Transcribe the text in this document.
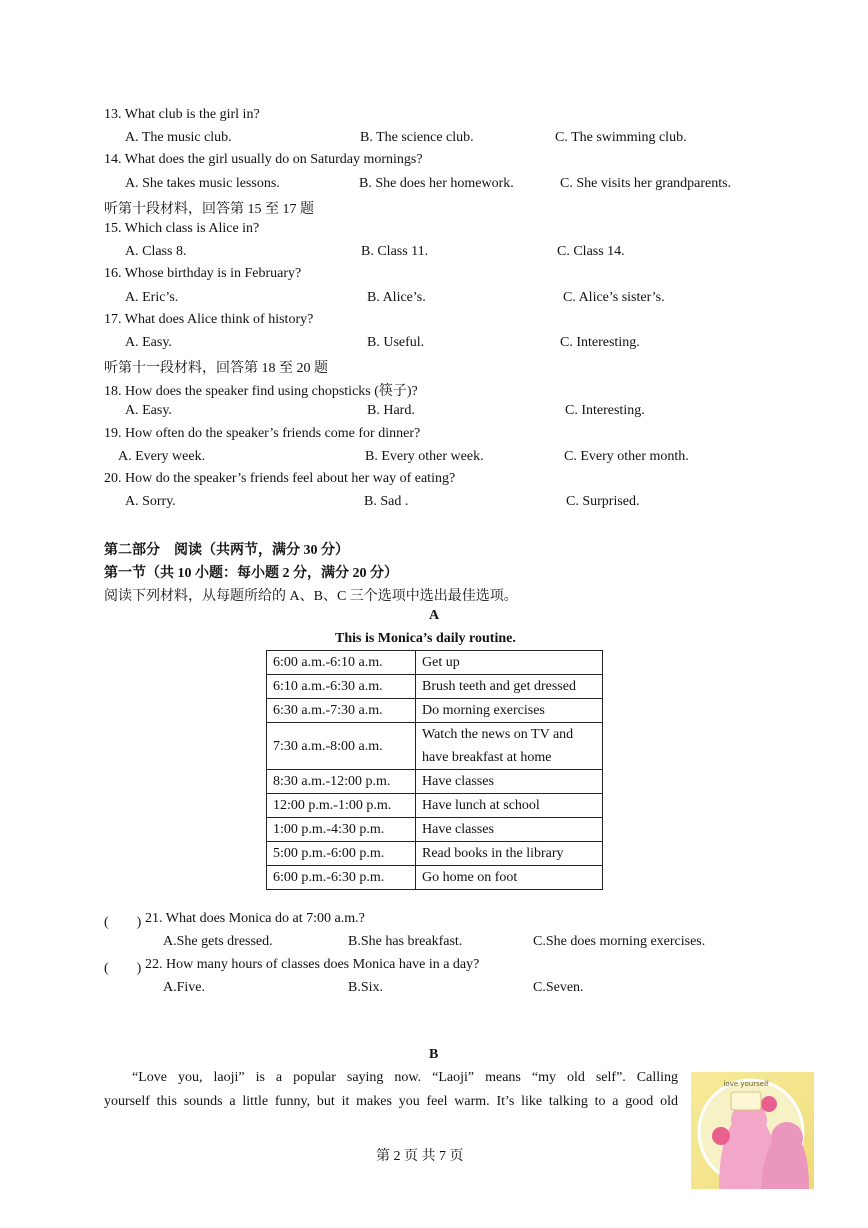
13. What club is the girl in?
A. The music club.	B. The science club.	C. The swimming club.
14. What does the girl usually do on Saturday mornings?
A. She takes music lessons.	B. She does her homework.	C. She visits her grandparents.
听第十段材料，回答第 15 至 17 题
15. Which class is Alice in?
A. Class 8.	B. Class 11.	C. Class 14.
16. Whose birthday is in February?
A. Eric’s.	B. Alice’s.	C. Alice’s sister’s.
17. What does Alice think of history?
A. Easy.	B. Useful.	C. Interesting.
听第十一段材料，回答第 18 至 20 题
18. How does the speaker find using chopsticks (筷子)?
A. Easy.	B. Hard.	C. Interesting.
19. How often do the speaker’s friends come for dinner?
A. Every week.	B. Every other week.	C. Every other month.
20. How do the speaker’s friends feel about her way of eating?
A. Sorry.	B. Sad .	C. Surprised.
第二部分　阅读（共两节，满分 30 分）
第一节（共 10 小题：每小题 2 分，满分 20 分）
阅读下列材料，从每题所给的 A、B、C 三个选项中选出最佳选项。
A
This is Monica’s daily routine.
6:00 a.m.-6:10 a.m.	Get up
6:10 a.m.-6:30 a.m.	Brush teeth and get dressed
6:30 a.m.-7:30 a.m.	Do morning exercises
7:30 a.m.-8:00 a.m.	Watch the news on TV and have breakfast at home
8:30 a.m.-12:00 p.m.	Have classes
12:00 p.m.-1:00 p.m.	Have lunch at school
1:00 p.m.-4:30 p.m.	Have classes
5:00 p.m.-6:00 p.m.	Read books in the library
6:00 p.m.-6:30 p.m.	Go home on foot
(　　) 21. What does Monica do at 7:00 a.m.?
A.She gets dressed.	B.She has breakfast.	C.She does morning exercises.
(　　) 22. How many hours of classes does Monica have in a day?
A.Five.	B.Six.	C.Seven.
B
“Love you, laoji” is a popular saying now. “Laoji” means “my old self”. Calling
yourself this sounds a little funny, but it makes you feel warm. It’s like talking to a good old
第 2 页 共 7 页
love yourself
